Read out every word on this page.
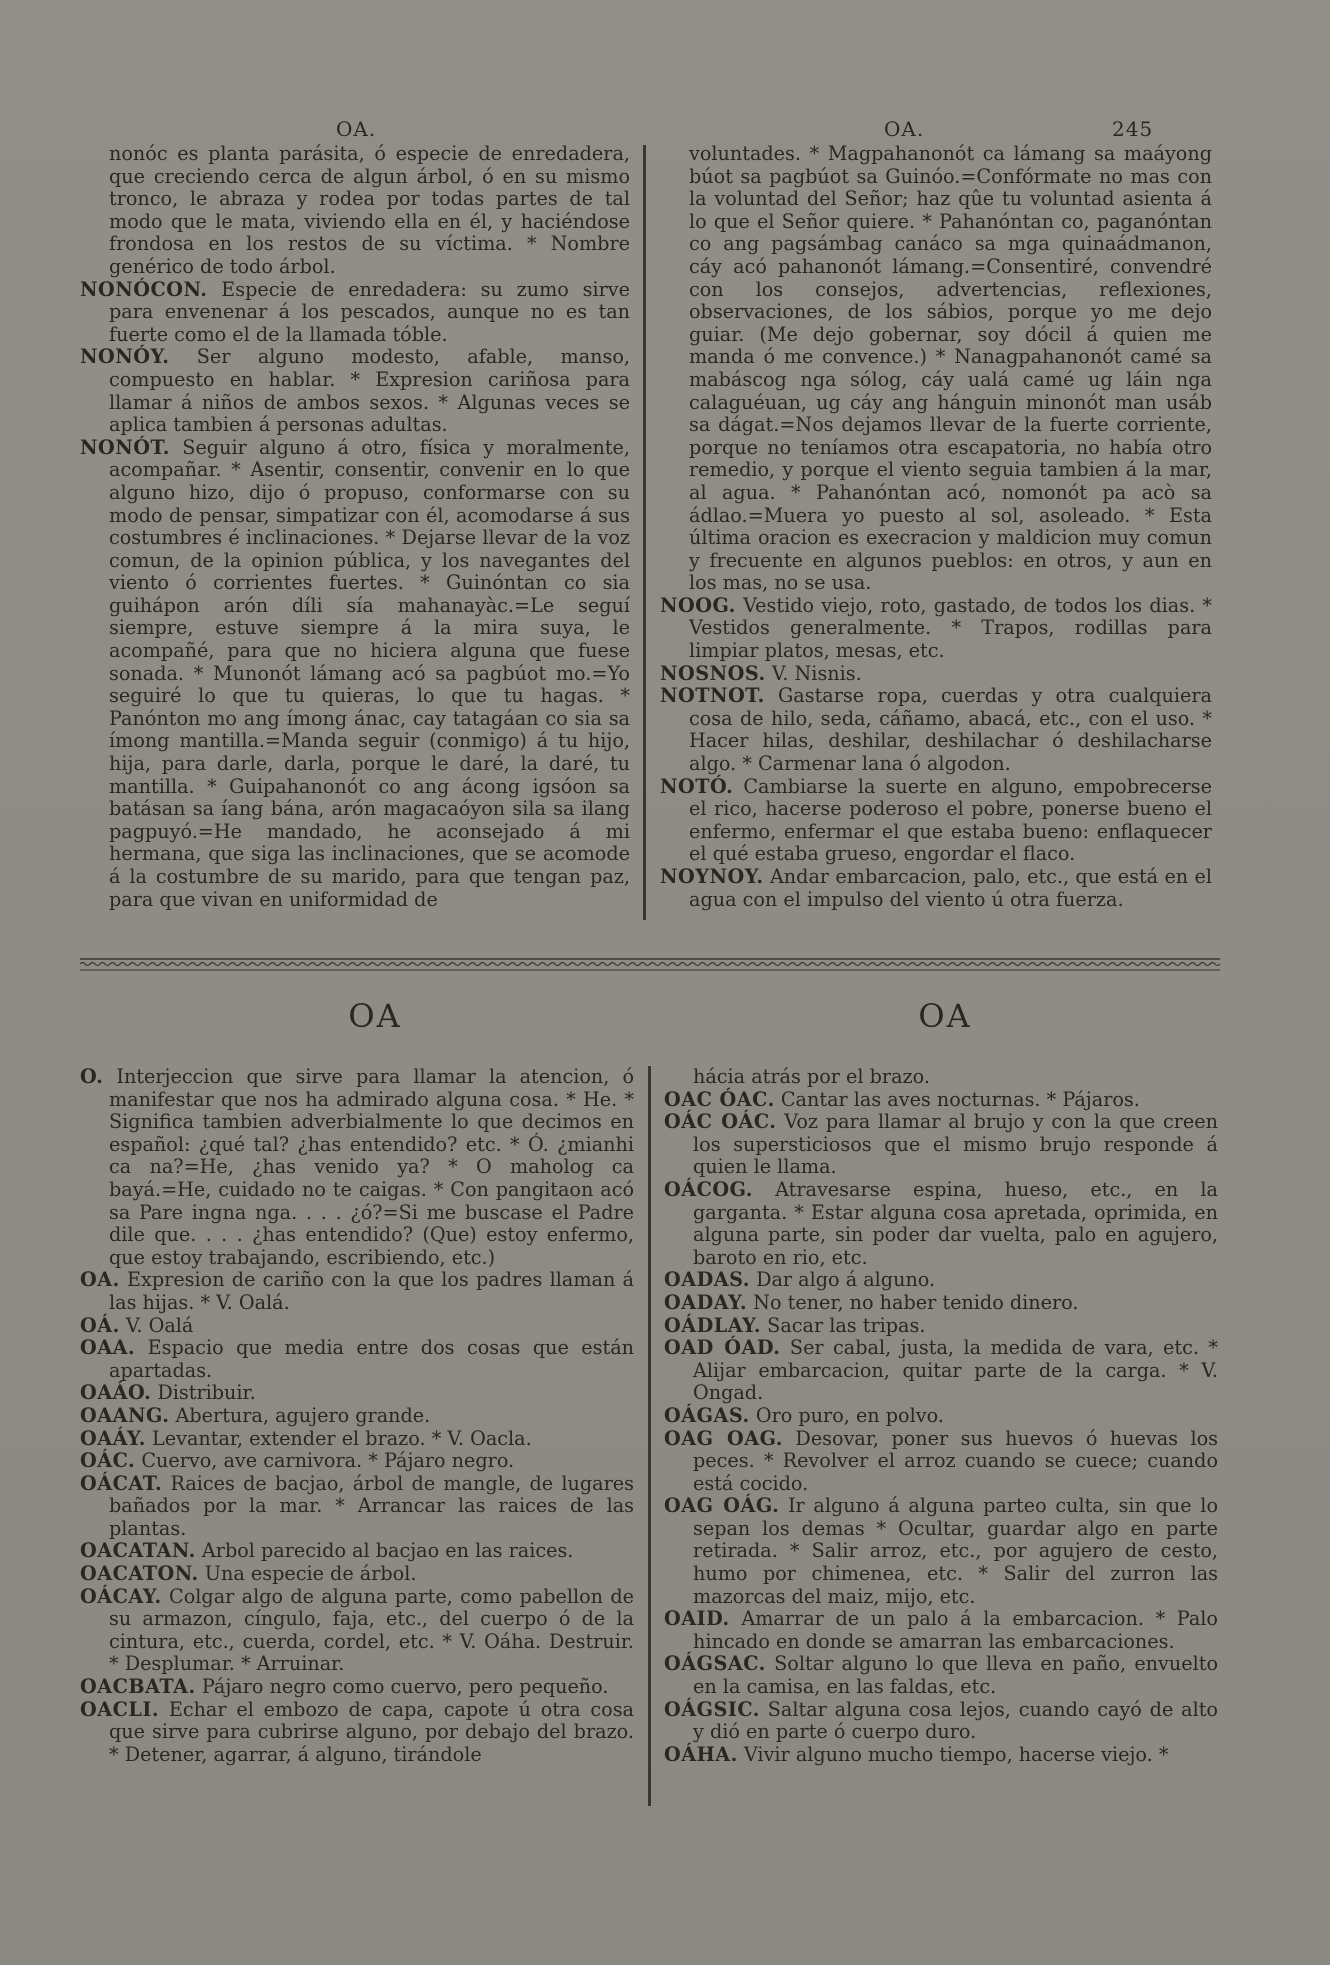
OA.	OA.	245

nonóc es planta parásita, ó especie de enredadera, que creciendo cerca de algun árbol, ó en su mismo tronco, le abraza y rodea por todas partes de tal modo que le mata, viviendo ella en él, y haciéndose frondosa en los restos de su víctima. * Nombre genérico de todo árbol.

NONÓCON. Especie de enredadera: su zumo sirve para envenenar á los pescados, aunque no es tan fuerte como el de la llamada tóble.

NONÓY. Ser alguno modesto, afable, manso, compuesto en hablar. * Expresion cariñosa para llamar á niños de ambos sexos. * Algunas veces se aplica tambien á personas adultas.

NONÓT. Seguir alguno á otro, física y moralmente, acompañar. * Asentir, consentir, convenir en lo que alguno hizo, dijo ó propuso, conformarse con su modo de pensar, simpatizar con él, acomodarse á sus costumbres é inclinaciones. * Dejarse llevar de la voz comun, de la opinion pública, y los navegantes del viento ó corrientes fuertes. * Guinóntan co sia guihápon arón díli sía mahanayàc.=Le seguí siempre, estuve siempre á la mira suya, le acompañé, para que no hiciera alguna que fuese sonada. * Munonót lámang acó sa pagbúot mo.=Yo seguiré lo que tu quieras, lo que tu hagas. * Panónton mo ang ímong ánac, cay tatagáan co sia sa ímong mantilla.=Manda seguir (conmigo) á tu hijo, hija, para darle, darla, porque le daré, la daré, tu mantilla. * Guipahanonót co ang ácong igsóon sa batásan sa íang bána, arón magacaóyon sila sa ilang pagpuyó.=He mandado, he aconsejado á mi hermana, que siga las inclinaciones, que se acomode á la costumbre de su marido, para que tengan paz, para que vivan en uniformidad de

voluntades. * Magpahanonót ca lámang sa maáyong búot sa pagbúot sa Guinóo.=Confórmate no mas con la voluntad del Señor; haz qûe tu voluntad asienta á lo que el Señor quiere. * Pahanóntan co, paganóntan co ang pagsámbag canáco sa mga quinaádmanon, cáy acó pahanonót lámang.=Consentiré, convendré con los consejos, advertencias, reflexiones, observaciones, de los sábios, porque yo me dejo guiar. (Me dejo gobernar, soy dócil á quien me manda ó me convence.) * Nanagpahanonót camé sa mabáscog nga sólog, cáy ualá camé ug láin nga calaguéuan, ug cáy ang hánguin minonót man usáb sa dágat.=Nos dejamos llevar de la fuerte corriente, porque no teníamos otra escapatoria, no había otro remedio, y porque el viento seguia tambien á la mar, al agua. * Pahanóntan acó, nomonót pa acò sa ádlao.=Muera yo puesto al sol, asoleado. * Esta última oracion es execracion y maldicion muy comun y frecuente en algunos pueblos: en otros, y aun en los mas, no se usa.

NOOG. Vestido viejo, roto, gastado, de todos los dias. * Vestidos generalmente. * Trapos, rodillas para limpiar platos, mesas, etc.

NOSNOS. V. Nisnis.

NOTNOT. Gastarse ropa, cuerdas y otra cualquiera cosa de hilo, seda, cáñamo, abacá, etc., con el uso. * Hacer hilas, deshilar, deshilachar ó deshilacharse algo. * Carmenar lana ó algodon.

NOTÓ. Cambiarse la suerte en alguno, empobrecerse el rico, hacerse poderoso el pobre, ponerse bueno el enfermo, enfermar el que estaba bueno: enflaquecer el qué estaba grueso, engordar el flaco.

NOYNOY. Andar embarcacion, palo, etc., que está en el agua con el impulso del viento ú otra fuerza.

OA	OA

O. Interjeccion que sirve para llamar la atencion, ó manifestar que nos ha admirado alguna cosa. * He. * Significa tambien adverbialmente lo que decimos en español: ¿qué tal? ¿has entendido? etc. * Ó. ¿mianhi ca na?=He, ¿has venido ya? * O maholog ca bayá.=He, cuidado no te caigas. * Con pangitaon acó sa Pare ingna nga. . . . ¿ó?=Si me buscase el Padre dile que. . . . ¿has entendido? (Que) estoy enfermo, que estoy trabajando, escribiendo, etc.)

OA. Expresion de cariño con la que los padres llaman á las hijas. * V. Oalá.

OÁ. V. Oalá

OAA. Espacio que media entre dos cosas que están apartadas.

OAÁO. Distribuir.

OAANG. Abertura, agujero grande.

OAÁY. Levantar, extender el brazo. * V. Oacla.

OÁC. Cuervo, ave carnivora. * Pájaro negro.

OÁCAT. Raices de bacjao, árbol de mangle, de lugares bañados por la mar. * Arrancar las raices de las plantas.

OACATAN. Arbol parecido al bacjao en las raices.

OACATON. Una especie de árbol.

OÁCAY. Colgar algo de alguna parte, como pabellon de su armazon, cíngulo, faja, etc., del cuerpo ó de la cintura, etc., cuerda, cordel, etc. * V. Oáha. Destruir. * Desplumar. * Arruinar.

OACBATA. Pájaro negro como cuervo, pero pequeño.

OACLI. Echar el embozo de capa, capote ú otra cosa que sirve para cubrirse alguno, por debajo del brazo. * Detener, agarrar, á alguno, tirándole

hácia atrás por el brazo.

OAC ÓAC. Cantar las aves nocturnas. * Pájaros.

OÁC OÁC. Voz para llamar al brujo y con la que creen los supersticiosos que el mismo brujo responde á quien le llama.

OÁCOG. Atravesarse espina, hueso, etc., en la garganta. * Estar alguna cosa apretada, oprimida, en alguna parte, sin poder dar vuelta, palo en agujero, baroto en rio, etc.

OADAS. Dar algo á alguno.

OADAY. No tener, no haber tenido dinero.

OÁDLAY. Sacar las tripas.

OAD ÓAD. Ser cabal, justa, la medida de vara, etc. * Alijar embarcacion, quitar parte de la carga. * V. Ongad.

OÁGAS. Oro puro, en polvo.

OAG OAG. Desovar, poner sus huevos ó huevas los peces. * Revolver el arroz cuando se cuece; cuando está cocido.

OAG OÁG. Ir alguno á alguna parteo culta, sin que lo sepan los demas * Ocultar, guardar algo en parte retirada. * Salir arroz, etc., por agujero de cesto, humo por chimenea, etc. * Salir del zurron las mazorcas del maiz, mijo, etc.

OAID. Amarrar de un palo á la embarcacion. * Palo hincado en donde se amarran las embarcaciones.

OÁGSAC. Soltar alguno lo que lleva en paño, envuelto en la camisa, en las faldas, etc.

OÁGSIC. Saltar alguna cosa lejos, cuando cayó de alto y dió en parte ó cuerpo duro.

OÁHA. Vivir alguno mucho tiempo, hacerse viejo. *
